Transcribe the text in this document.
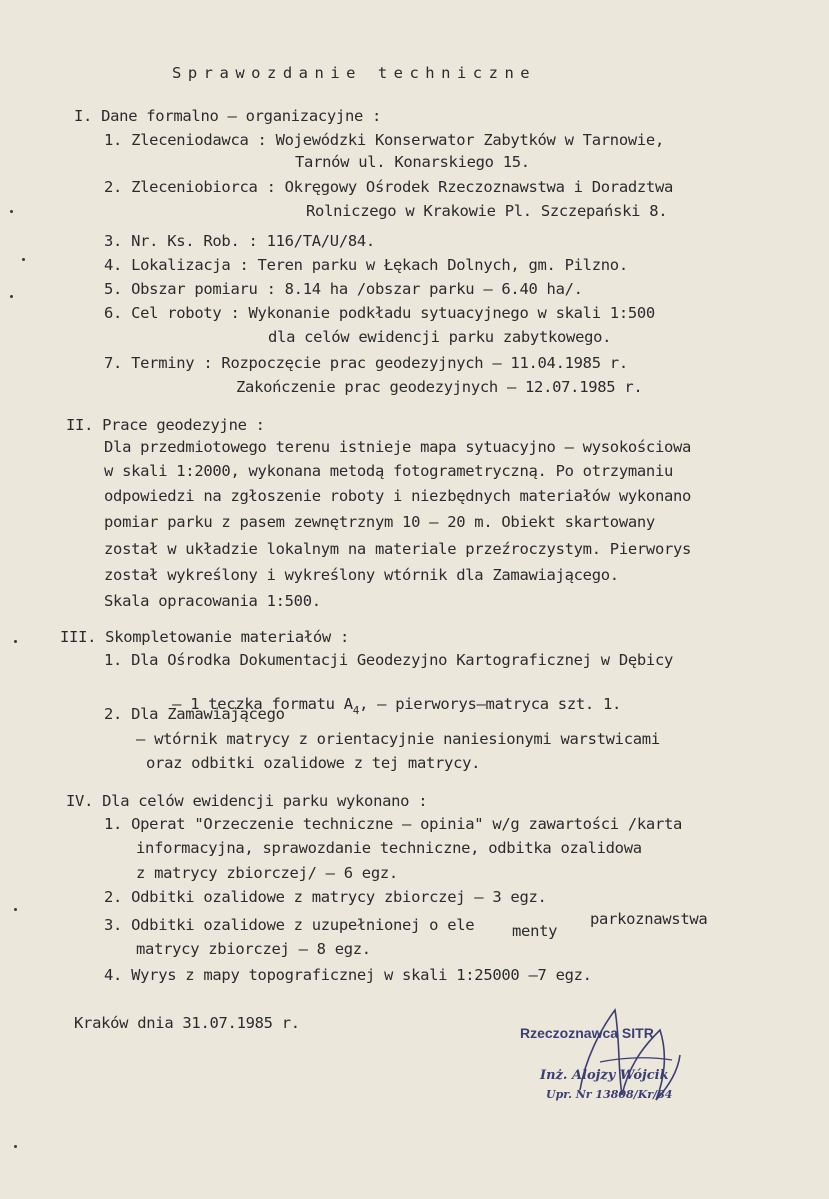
Sprawozdanie techniczne
I. Dane formalno – organizacyjne :
1. Zleceniodawca : Wojewódzki Konserwator Zabytków w Tarnowie,
Tarnów ul. Konarskiego 15.
2. Zleceniobiorca : Okręgowy Ośrodek Rzeczoznawstwa i Doradztwa
Rolniczego w Krakowie Pl. Szczepański 8.
3. Nr. Ks. Rob. : 116/TA/U/84.
4. Lokalizacja : Teren parku w Łękach Dolnych, gm. Pilzno.
5. Obszar pomiaru : 8.14 ha /obszar parku – 6.40 ha/.
6. Cel roboty : Wykonanie podkładu sytuacyjnego w skali 1:500
dla celów ewidencji parku zabytkowego.
7. Terminy : Rozpoczęcie prac geodezyjnych – 11.04.1985 r.
Zakończenie prac geodezyjnych – 12.07.1985 r.
II. Prace geodezyjne :
Dla przedmiotowego terenu istnieje mapa sytuacyjno – wysokościowa
w skali 1:2000, wykonana metodą fotogrametryczną. Po otrzymaniu
odpowiedzi na zgłoszenie roboty i niezbędnych materiałów wykonano
pomiar parku z pasem zewnętrznym 10 – 20 m. Obiekt skartowany
został w układzie lokalnym na materiale przeźroczystym. Pierworys
został wykreślony i wykreślony wtórnik dla Zamawiającego.
Skala opracowania 1:500.
III. Skompletowanie materiałów :
1. Dla Ośrodka Dokumentacji Geodezyjno Kartograficznej w Dębicy

– 1 teczka formatu $A_4$, – pierworys–matryca szt. 1.

2. Dla Zamawiającego
– wtórnik matrycy z orientacyjnie naniesionymi warstwicami
oraz odbitki ozalidowe z tej matrycy.
IV. Dla celów ewidencji parku wykonano :
1. Operat "Orzeczenie techniczne – opinia" w/g zawartości /karta
informacyjna, sprawozdanie techniczne, odbitka ozalidowa
z matrycy zbiorczej/ – 6 egz.
2. Odbitki ozalidowe z matrycy zbiorczej – 3 egz.
3. Odbitki ozalidowe z uzupełnionej o ele menty
parkoznawstwa
matrycy zbiorczej – 8 egz.
4. Wyrys z mapy topograficznej w skali 1:25000 –7 egz.
Kraków dnia 31.07.1985 r.
Rzeczoznawca SITR
Inż. Alojzy Wójcik
Upr. Nr 13808/Kr/84
